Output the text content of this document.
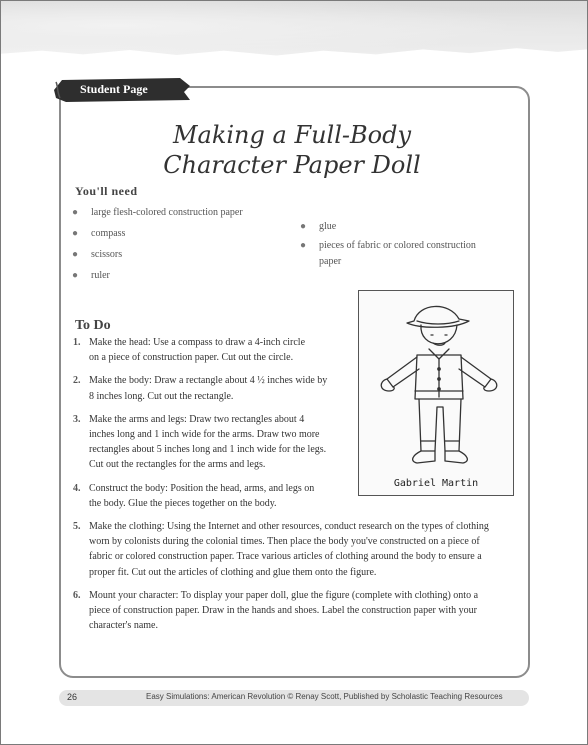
Student Page
Making a Full-Body
Character Paper Doll
You'll need
● large flesh-colored construction paper
● compass
● scissors
● ruler
● glue
● pieces of fabric or colored construction paper
To Do
1. Make the head: Use a compass to draw a 4-inch circle
on a piece of construction paper. Cut out the circle.
2. Make the body: Draw a rectangle about 4 ½ inches wide by
8 inches long. Cut out the rectangle.
3. Make the arms and legs: Draw two rectangles about 4
inches long and 1 inch wide for the arms. Draw two more
rectangles about 5 inches long and 1 inch wide for the legs.
Cut out the rectangles for the arms and legs.
4. Construct the body: Position the head, arms, and legs on
the body. Glue the pieces together on the body.
5. Make the clothing: Using the Internet and other resources, conduct research on the types of clothing
worn by colonists during the colonial times. Then place the body you've constructed on a piece of
fabric or colored construction paper. Trace various articles of clothing around the body to ensure a
proper fit. Cut out the articles of clothing and glue them onto the figure.
6. Mount your character: To display your paper doll, glue the figure (complete with clothing) onto a
piece of construction paper. Draw in the hands and shoes. Label the construction paper with your
character's name.
Gabriel Martin
26	Easy Simulations: American Revolution © Renay Scott, Published by Scholastic Teaching Resources
